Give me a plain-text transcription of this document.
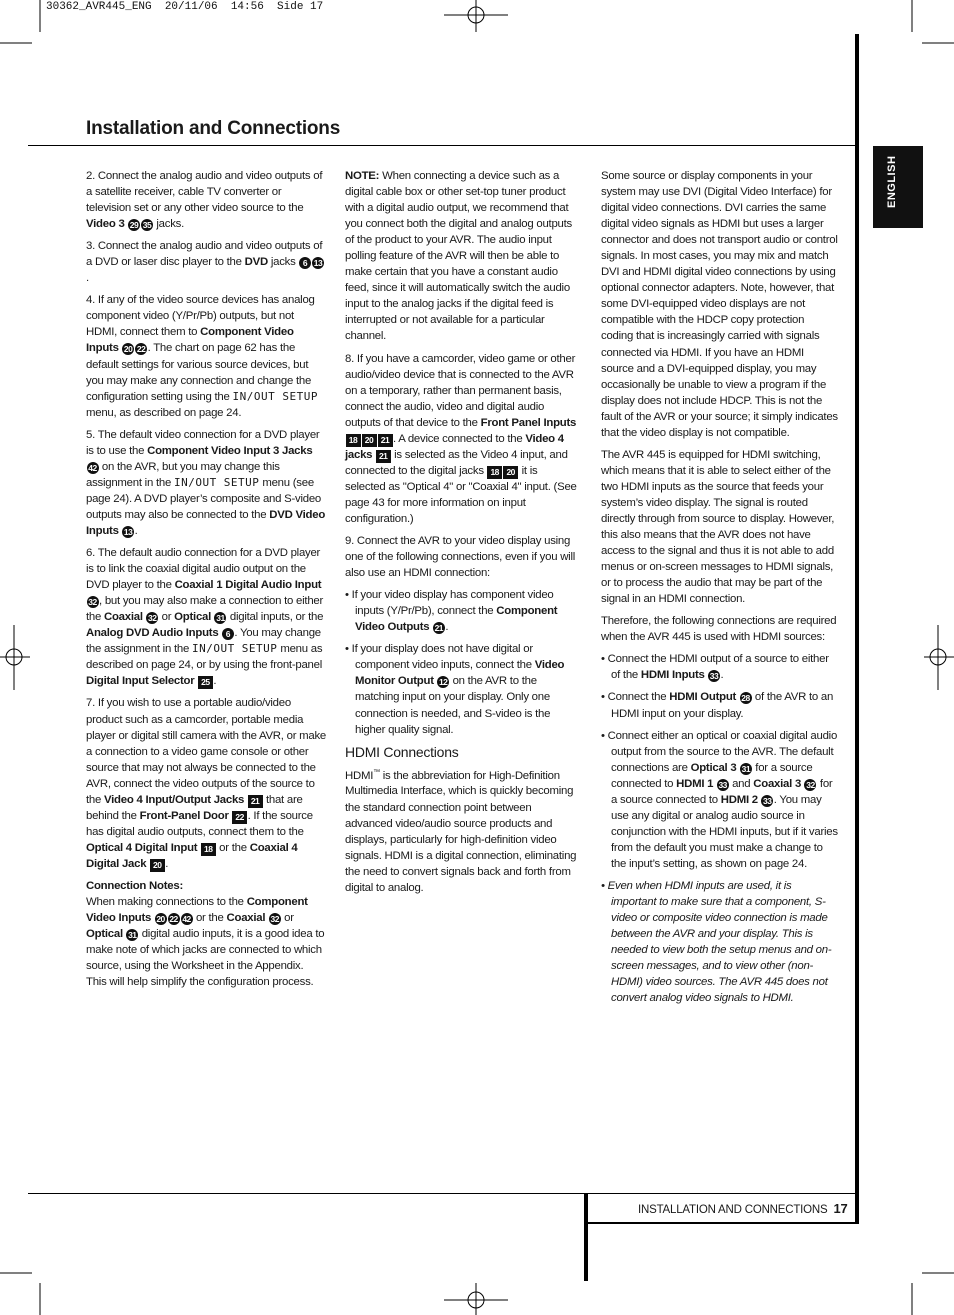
30362_AVR445_ENG  20/11/06  14:56  Side 17
Installation and Connections
ENGLISH

2. Connect the analog audio and video outputs of a satellite receiver, cable TV converter or television set or any other video source to the Video 3 29 35 jacks.

3. Connect the analog audio and video outputs of a DVD or laser disc player to the DVD jacks 6 13.

4. If any of the video source devices has analog component video (Y/Pr/Pb) outputs, but not HDMI, connect them to Component Video Inputs 20 22 . The chart on page 62 has the default settings for various source devices, but you may make any connection and change the configuration setting using the IN/OUT SETUP menu, as described on page 24.

5. The default video connection for a DVD player is to use the Component Video Input 3 Jacks 42 on the AVR, but you may change this assignment in the IN/OUT SETUP menu (see page 24). A DVD player’s composite and S-video outputs may also be connected to the DVD Video Inputs 13 .

6. The default audio connection for a DVD player is to link the coaxial digital audio output on the DVD player to the Coaxial 1 Digital Audio Input 32 , but you may also make a connection to either the Coaxial 32 or Optical 31 digital inputs, or the Analog DVD Audio Inputs 6 . You may change the assignment in the IN/OUT SETUP menu as described on page 24, or by using the front-panel Digital Input Selector 25 .

7. If you wish to use a portable audio/video product such as a camcorder, portable media player or digital still camera with the AVR, or make a connection to a video game console or other source that may not always be connected to the AVR, connect the video outputs of the source to the Video 4 Input/Output Jacks 21 that are behind the Front-Panel Door 22 . If the source has digital audio outputs, connect them to the Optical 4 Digital Input 18 or the Coaxial 4 Digital Jack 20 .

Connection Notes:

When making connections to the Component Video Inputs 20 22 42 or the Coaxial 32 or Optical 31 digital audio inputs, it is a good idea to make note of which jacks are connected to which source, using the Worksheet in the Appendix. This will help simplify the configuration process.

NOTE: When connecting a device such as a digital cable box or other set-top tuner product with a digital audio output, we recommend that you connect both the digital and analog outputs of the product to your AVR. The audio input polling feature of the AVR will then be able to make certain that you have a constant audio feed, since it will automatically switch the audio input to the analog jacks if the digital feed is interrupted or not available for a particular channel.

8. If you have a camcorder, video game or other audio/video device that is connected to the AVR on a temporary, rather than permanent basis, connect the audio, video and digital audio outputs of that device to the Front Panel Inputs 18 20 21 . A device connected to the Video 4 jacks 21 is selected as the Video 4 input, and connected to the digital jacks 18 20 it is selected as "Optical 4" or "Coaxial 4" input. (See page 43 for more information on input configuration.)

9. Connect the AVR to your video display using one of the following connections, even if you will also use an HDMI connection:

• If your video display has component video inputs (Y/Pr/Pb), connect the Component Video Outputs 21 .

• If your display does not have digital or component video inputs, connect the Video Monitor Output 12 on the AVR to the matching input on your display. Only one connection is needed, and S-video is the higher quality signal.

HDMI Connections

HDMI™ is the abbreviation for High-Definition Multimedia Interface, which is quickly becoming the standard connection point between advanced video/audio source products and displays, particularly for high-definition video signals. HDMI is a digital connection, eliminating the need to convert signals back and forth from digital to analog.

Some source or display components in your system may use DVI (Digital Video Interface) for digital video connections. DVI carries the same digital video signals as HDMI but uses a larger connector and does not transport audio or control signals. In most cases, you may mix and match DVI and HDMI digital video connections by using optional connector adapters. Note, however, that some DVI-equipped video displays are not compatible with the HDCP copy protection coding that is increasingly carried with signals connected via HDMI. If you have an HDMI source and a DVI-equipped display, you may occasionally be unable to view a program if the display does not include HDCP. This is not the fault of the AVR or your source; it simply indicates that the video display is not compatible.

The AVR 445 is equipped for HDMI switching, which means that it is able to select either of the two HDMI inputs as the source that feeds your system’s video display. The signal is routed directly through from source to display. However, this also means that the AVR does not have access to the signal and thus it is not able to add menus or on-screen messages to HDMI signals, or to process the audio that may be part of the signal in an HDMI connection.

Therefore, the following connections are required when the AVR 445 is used with HDMI sources:

• Connect the HDMI output of a source to either of the HDMI Inputs 33 .

• Connect the HDMI Output 28 of the AVR to an HDMI input on your display.

• Connect either an optical or coaxial digital audio output from the source to the AVR. The default connections are Optical 3 31 for a source connected to HDMI 1 33 and Coaxial 3 32 for a source connected to HDMI 2 33 . You may use any digital or analog audio source in conjunction with the HDMI inputs, but if it varies from the default you must make a change to the input’s setting, as shown on page 24.

• Even when HDMI inputs are used, it is important to make sure that a component, S-video or composite video connection is made between the AVR and your display. This is needed to view both the setup menus and on-screen messages, and to view other (non-HDMI) video sources. The AVR 445 does not convert analog video signals to HDMI.

INSTALLATION AND CONNECTIONS 17
